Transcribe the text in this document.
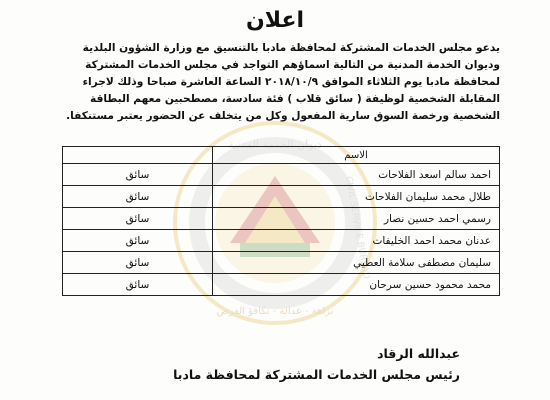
ديوان الخدمة المدنية
CIVIL SERVICE BUREAU
نزاهة - عدالة - تكافؤ الفرص
اعلان
يدعو مجلس الخدمات المشتركة لمحافظة مادبا بالتنسيق مع وزارة الشؤون البلدية
وديوان الخدمة المدنية من التالية اسماؤهم التواجد في مجلس الخدمات المشتركة
لمحافظة مادبا يوم الثلاثاء الموافق ٢٠١٨/١٠/٩ الساعة العاشرة صباحا وذلك لاجراء
المقابلة الشخصية لوظيفة ( سائق قلاب ) فئة سادسة، مصطحبين معهم البطاقة
الشخصية ورخصة السوق سارية المفعول وكل من يتخلف عن الحضور يعتبر مستنكفا.
الاسم	
احمد سالم اسعد الفلاحات	سائق
طلال محمد سليمان الفلاحات	سائق
رسمي احمد حسين نصار	سائق
عدنان محمد احمد الخليفات	سائق
سليمان مصطفى سلامة العطيي	سائق
محمد محمود حسين سرحان	سائق
عبدالله الرقاد
رئيس مجلس الخدمات المشتركة لمحافظة مادبا
